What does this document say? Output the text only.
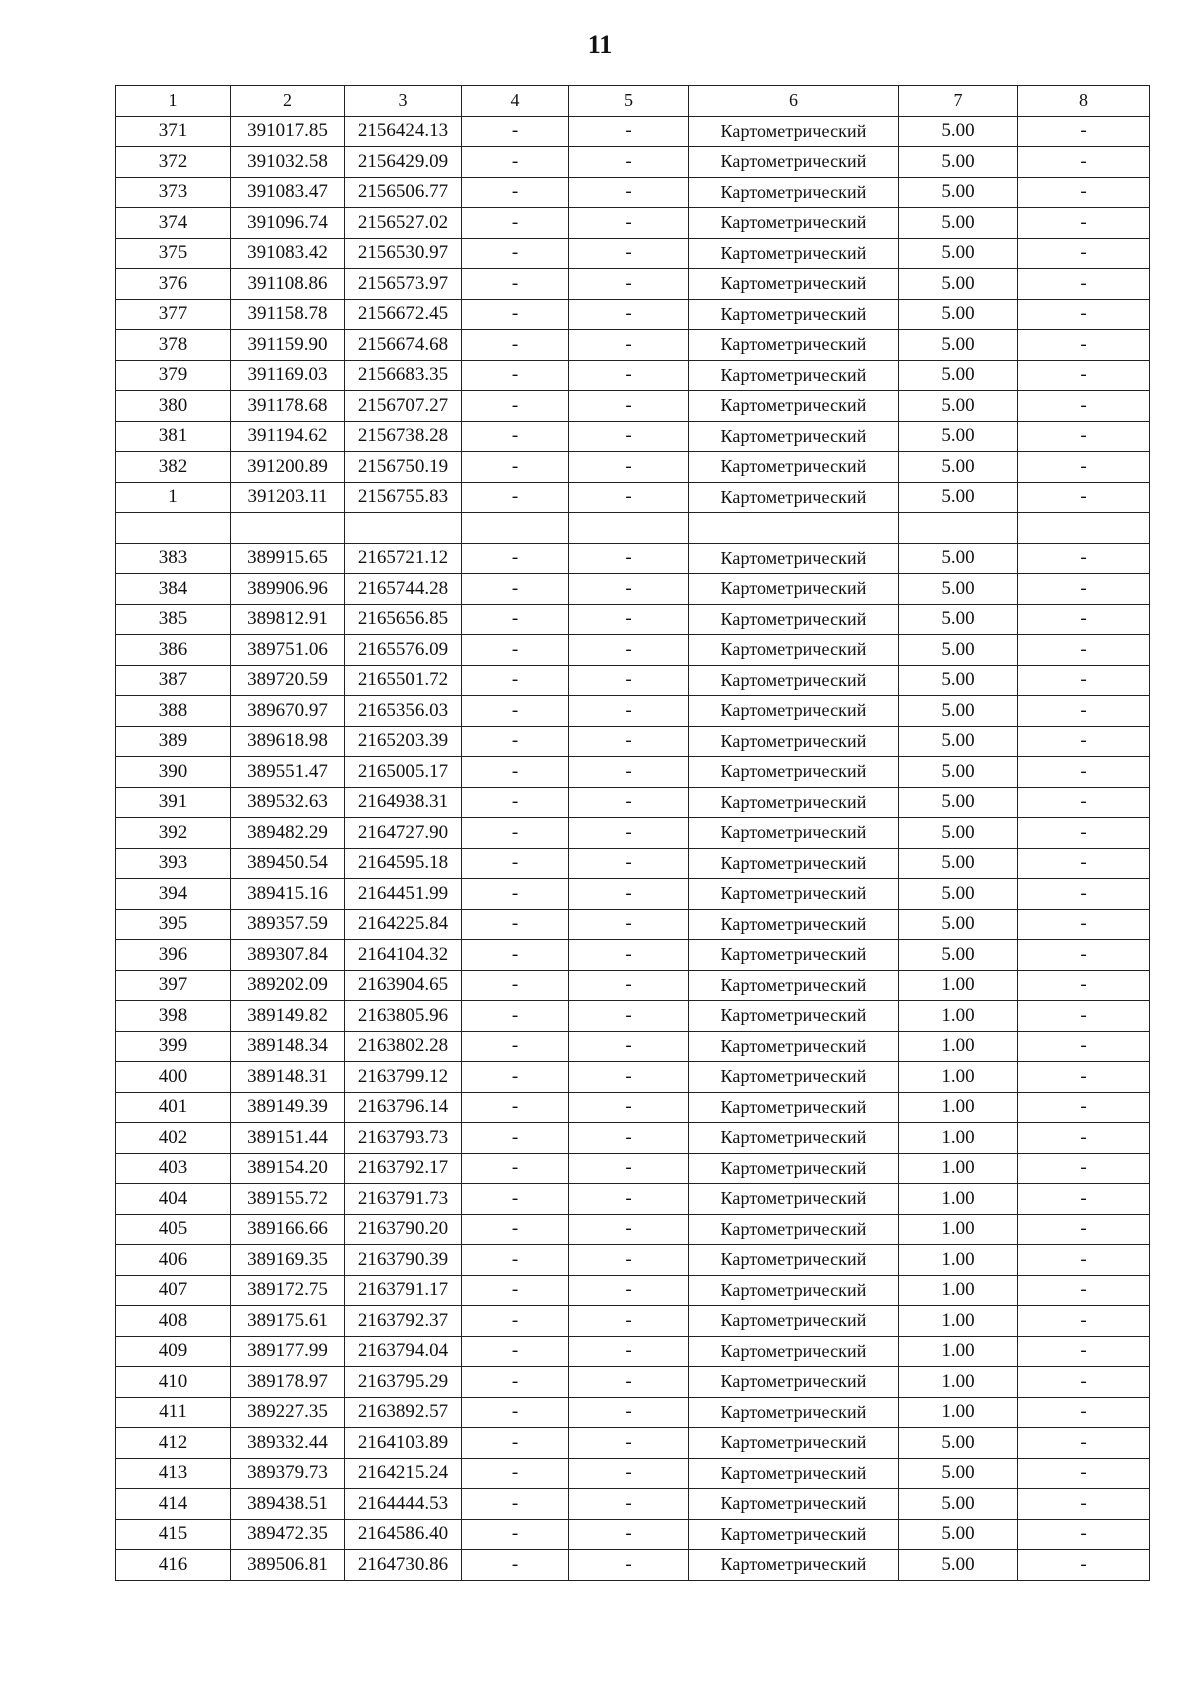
11
1	2	3	4	5	6	7	8
371	391017.85	2156424.13	-	-	Картометрический	5.00	-
372	391032.58	2156429.09	-	-	Картометрический	5.00	-
373	391083.47	2156506.77	-	-	Картометрический	5.00	-
374	391096.74	2156527.02	-	-	Картометрический	5.00	-
375	391083.42	2156530.97	-	-	Картометрический	5.00	-
376	391108.86	2156573.97	-	-	Картометрический	5.00	-
377	391158.78	2156672.45	-	-	Картометрический	5.00	-
378	391159.90	2156674.68	-	-	Картометрический	5.00	-
379	391169.03	2156683.35	-	-	Картометрический	5.00	-
380	391178.68	2156707.27	-	-	Картометрический	5.00	-
381	391194.62	2156738.28	-	-	Картометрический	5.00	-
382	391200.89	2156750.19	-	-	Картометрический	5.00	-
1	391203.11	2156755.83	-	-	Картометрический	5.00	-

383	389915.65	2165721.12	-	-	Картометрический	5.00	-
384	389906.96	2165744.28	-	-	Картометрический	5.00	-
385	389812.91	2165656.85	-	-	Картометрический	5.00	-
386	389751.06	2165576.09	-	-	Картометрический	5.00	-
387	389720.59	2165501.72	-	-	Картометрический	5.00	-
388	389670.97	2165356.03	-	-	Картометрический	5.00	-
389	389618.98	2165203.39	-	-	Картометрический	5.00	-
390	389551.47	2165005.17	-	-	Картометрический	5.00	-
391	389532.63	2164938.31	-	-	Картометрический	5.00	-
392	389482.29	2164727.90	-	-	Картометрический	5.00	-
393	389450.54	2164595.18	-	-	Картометрический	5.00	-
394	389415.16	2164451.99	-	-	Картометрический	5.00	-
395	389357.59	2164225.84	-	-	Картометрический	5.00	-
396	389307.84	2164104.32	-	-	Картометрический	5.00	-
397	389202.09	2163904.65	-	-	Картометрический	1.00	-
398	389149.82	2163805.96	-	-	Картометрический	1.00	-
399	389148.34	2163802.28	-	-	Картометрический	1.00	-
400	389148.31	2163799.12	-	-	Картометрический	1.00	-
401	389149.39	2163796.14	-	-	Картометрический	1.00	-
402	389151.44	2163793.73	-	-	Картометрический	1.00	-
403	389154.20	2163792.17	-	-	Картометрический	1.00	-
404	389155.72	2163791.73	-	-	Картометрический	1.00	-
405	389166.66	2163790.20	-	-	Картометрический	1.00	-
406	389169.35	2163790.39	-	-	Картометрический	1.00	-
407	389172.75	2163791.17	-	-	Картометрический	1.00	-
408	389175.61	2163792.37	-	-	Картометрический	1.00	-
409	389177.99	2163794.04	-	-	Картометрический	1.00	-
410	389178.97	2163795.29	-	-	Картометрический	1.00	-
411	389227.35	2163892.57	-	-	Картометрический	1.00	-
412	389332.44	2164103.89	-	-	Картометрический	5.00	-
413	389379.73	2164215.24	-	-	Картометрический	5.00	-
414	389438.51	2164444.53	-	-	Картометрический	5.00	-
415	389472.35	2164586.40	-	-	Картометрический	5.00	-
416	389506.81	2164730.86	-	-	Картометрический	5.00	-
